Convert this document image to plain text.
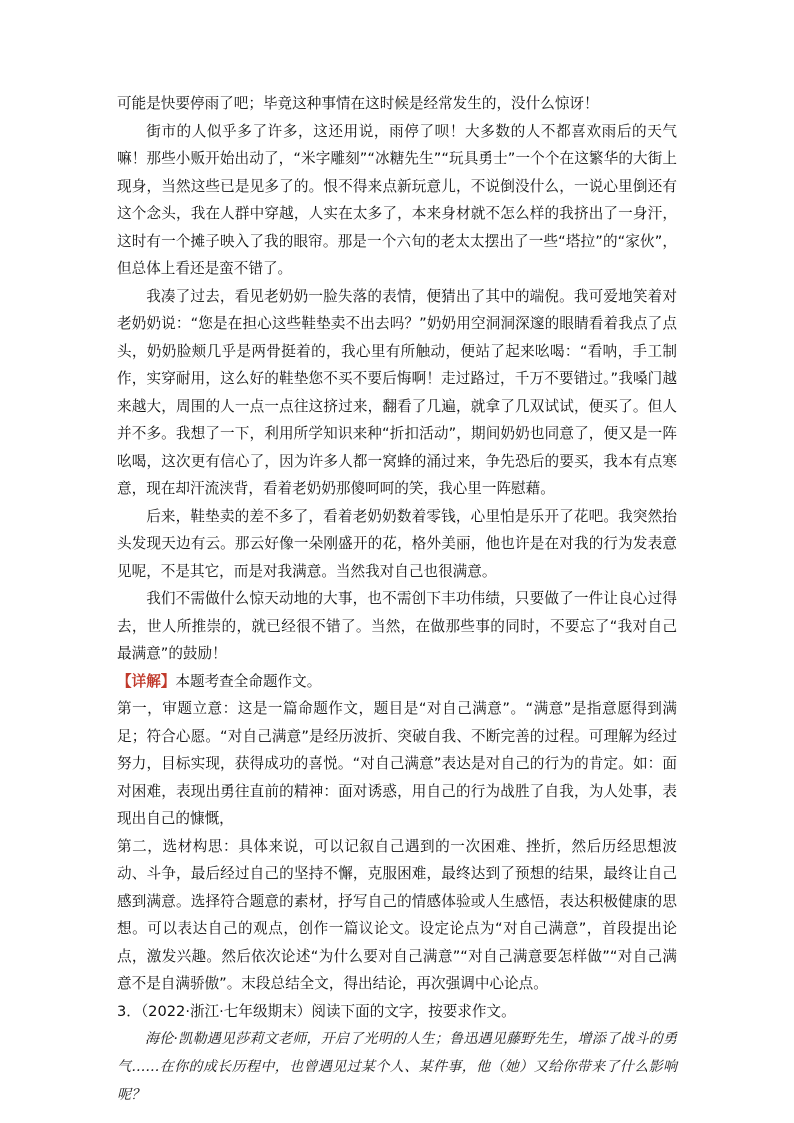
可能是快要停雨了吧；毕竟这种事情在这时候是经常发生的，没什么惊讶！

街市的人似乎多了许多，这还用说，雨停了呗！大多数的人不都喜欢雨后的天气嘛！那些小贩开始出动了，“米字雕刻”“冰糖先生”“玩具勇士”一个个在这繁华的大街上现身，当然这些已是见多了的。恨不得来点新玩意儿，不说倒没什么，一说心里倒还有这个念头，我在人群中穿越，人实在太多了，本来身材就不怎么样的我挤出了一身汗，这时有一个摊子映入了我的眼帘。那是一个六旬的老太太摆出了一些“塔拉”的“家伙”，但总体上看还是蛮不错了。

我凑了过去，看见老奶奶一脸失落的表情，便猜出了其中的端倪。我可爱地笑着对老奶奶说：“您是在担心这些鞋垫卖不出去吗？”奶奶用空洞洞深邃的眼睛看着我点了点头，奶奶脸颊几乎是两骨挺着的，我心里有所触动，便站了起来吆喝：“看呐，手工制作，实穿耐用，这么好的鞋垫您不买不要后悔啊！走过路过，千万不要错过。”我嗓门越来越大，周围的人一点一点往这挤过来，翻看了几遍，就拿了几双试试，便买了。但人并不多。我想了一下，利用所学知识来种“折扣活动”，期间奶奶也同意了，便又是一阵吆喝，这次更有信心了，因为许多人都一窝蜂的涌过来，争先恐后的要买，我本有点寒意，现在却汗流浃背，看着老奶奶那傻呵呵的笑，我心里一阵慰藉。

后来，鞋垫卖的差不多了，看着老奶奶数着零钱，心里怕是乐开了花吧。我突然抬头发现天边有云。那云好像一朵刚盛开的花，格外美丽，他也许是在对我的行为发表意见呢，不是其它，而是对我满意。当然我对自己也很满意。

我们不需做什么惊天动地的大事，也不需创下丰功伟绩，只要做了一件让良心过得去，世人所推崇的，就已经很不错了。当然，在做那些事的同时，不要忘了“我对自己最满意”的鼓励！

【详解】本题考查全命题作文。

第一，审题立意：这是一篇命题作文，题目是“对自己满意”。“满意”是指意愿得到满足；符合心愿。“对自己满意”是经历波折、突破自我、不断完善的过程。可理解为经过努力，目标实现，获得成功的喜悦。“对自己满意”表达是对自己的行为的肯定。如：面对困难，表现出勇往直前的精神：面对诱惑，用自己的行为战胜了自我，为人处事，表现出自己的慷慨，

第二，选材构思：具体来说，可以记叙自己遇到的一次困难、挫折，然后历经思想波动、斗争，最后经过自己的坚持不懈，克服困难，最终达到了预想的结果，最终让自己感到满意。选择符合题意的素材，抒写自己的情感体验或人生感悟，表达积极健康的思想。可以表达自己的观点，创作一篇议论文。设定论点为“对自己满意”，首段提出论点，激发兴趣。然后依次论述“为什么要对自己满意”“对自己满意要怎样做”“对自己满意不是自满骄傲”。末段总结全文，得出结论，再次强调中心论点。

3．（2022·浙江·七年级期末）阅读下面的文字，按要求作文。

海伦·凯勒遇见莎莉文老师，开启了光明的人生；鲁迅遇见藤野先生，增添了战斗的勇气……在你的成长历程中，也曾遇见过某个人、某件事，他（她）又给你带来了什么影响呢？
